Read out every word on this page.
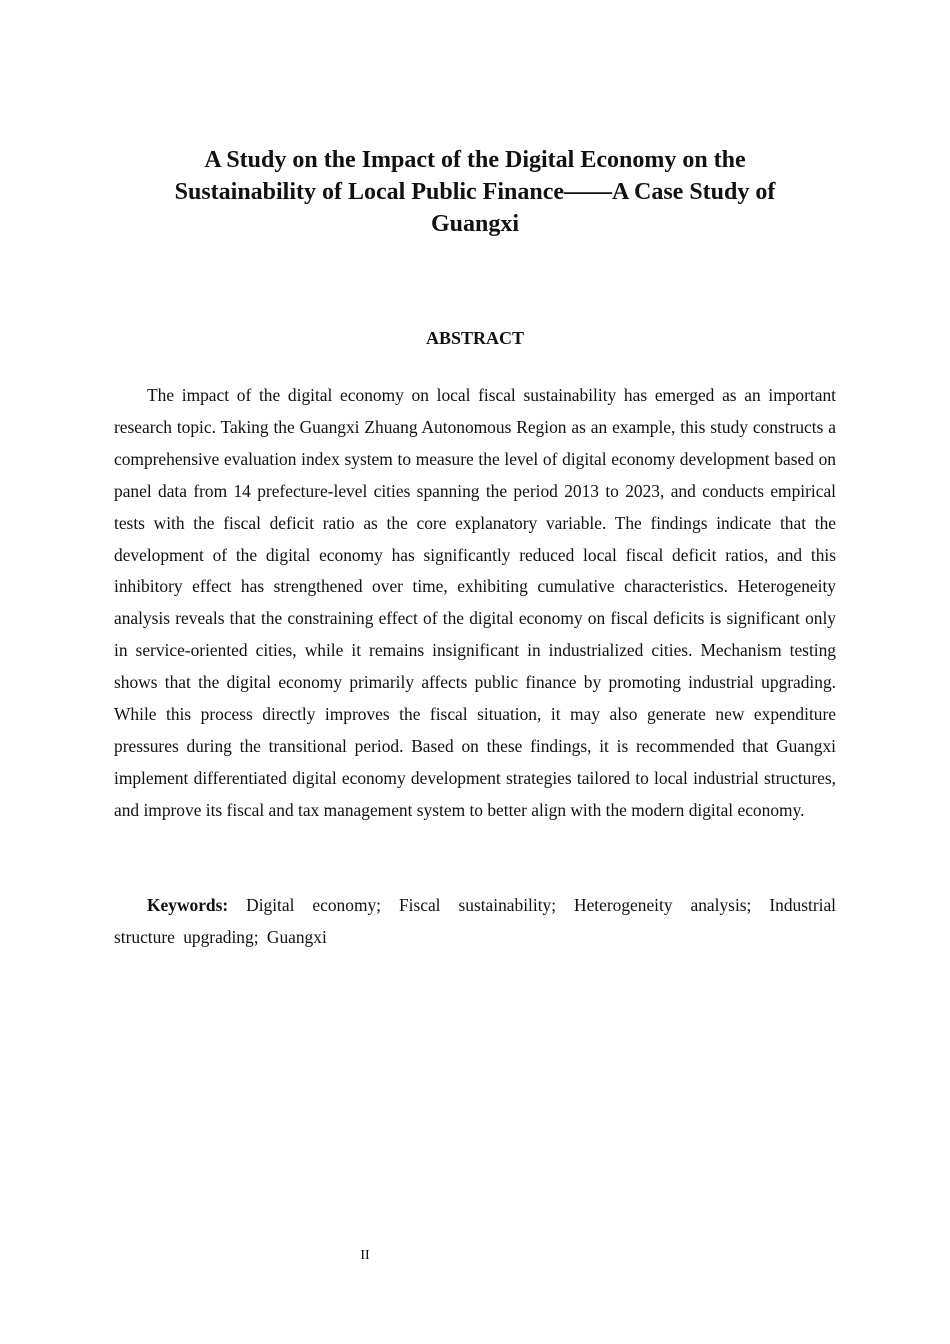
A Study on the Impact of the Digital Economy on the
Sustainability of Local Public Finance——A Case Study of
Guangxi
ABSTRACT

The impact of the digital economy on local fiscal sustainability has emerged as an important research topic. Taking the Guangxi Zhuang Autonomous Region as an example, this study constructs a comprehensive evaluation index system to measure the level of digital economy development based on panel data from 14 prefecture-level cities spanning the period 2013 to 2023, and conducts empirical tests with the fiscal deficit ratio as the core explanatory variable. The findings indicate that the development of the digital economy has significantly reduced local fiscal deficit ratios, and this inhibitory effect has strengthened over time, exhibiting cumulative characteristics. Heterogeneity analysis reveals that the constraining effect of the digital economy on fiscal deficits is significant only in service-oriented cities, while it remains insignificant in industrialized cities. Mechanism testing shows that the digital economy primarily affects public finance by promoting industrial upgrading. While this process directly improves the fiscal situation, it may also generate new expenditure pressures during the transitional period. Based on these findings, it is recommended that Guangxi implement differentiated digital economy development strategies tailored to local industrial structures, and improve its fiscal and tax management system to better align with the modern digital economy.

Keywords: Digital economy; Fiscal sustainability; Heterogeneity analysis; Industrial structure upgrading; Guangxi

II
